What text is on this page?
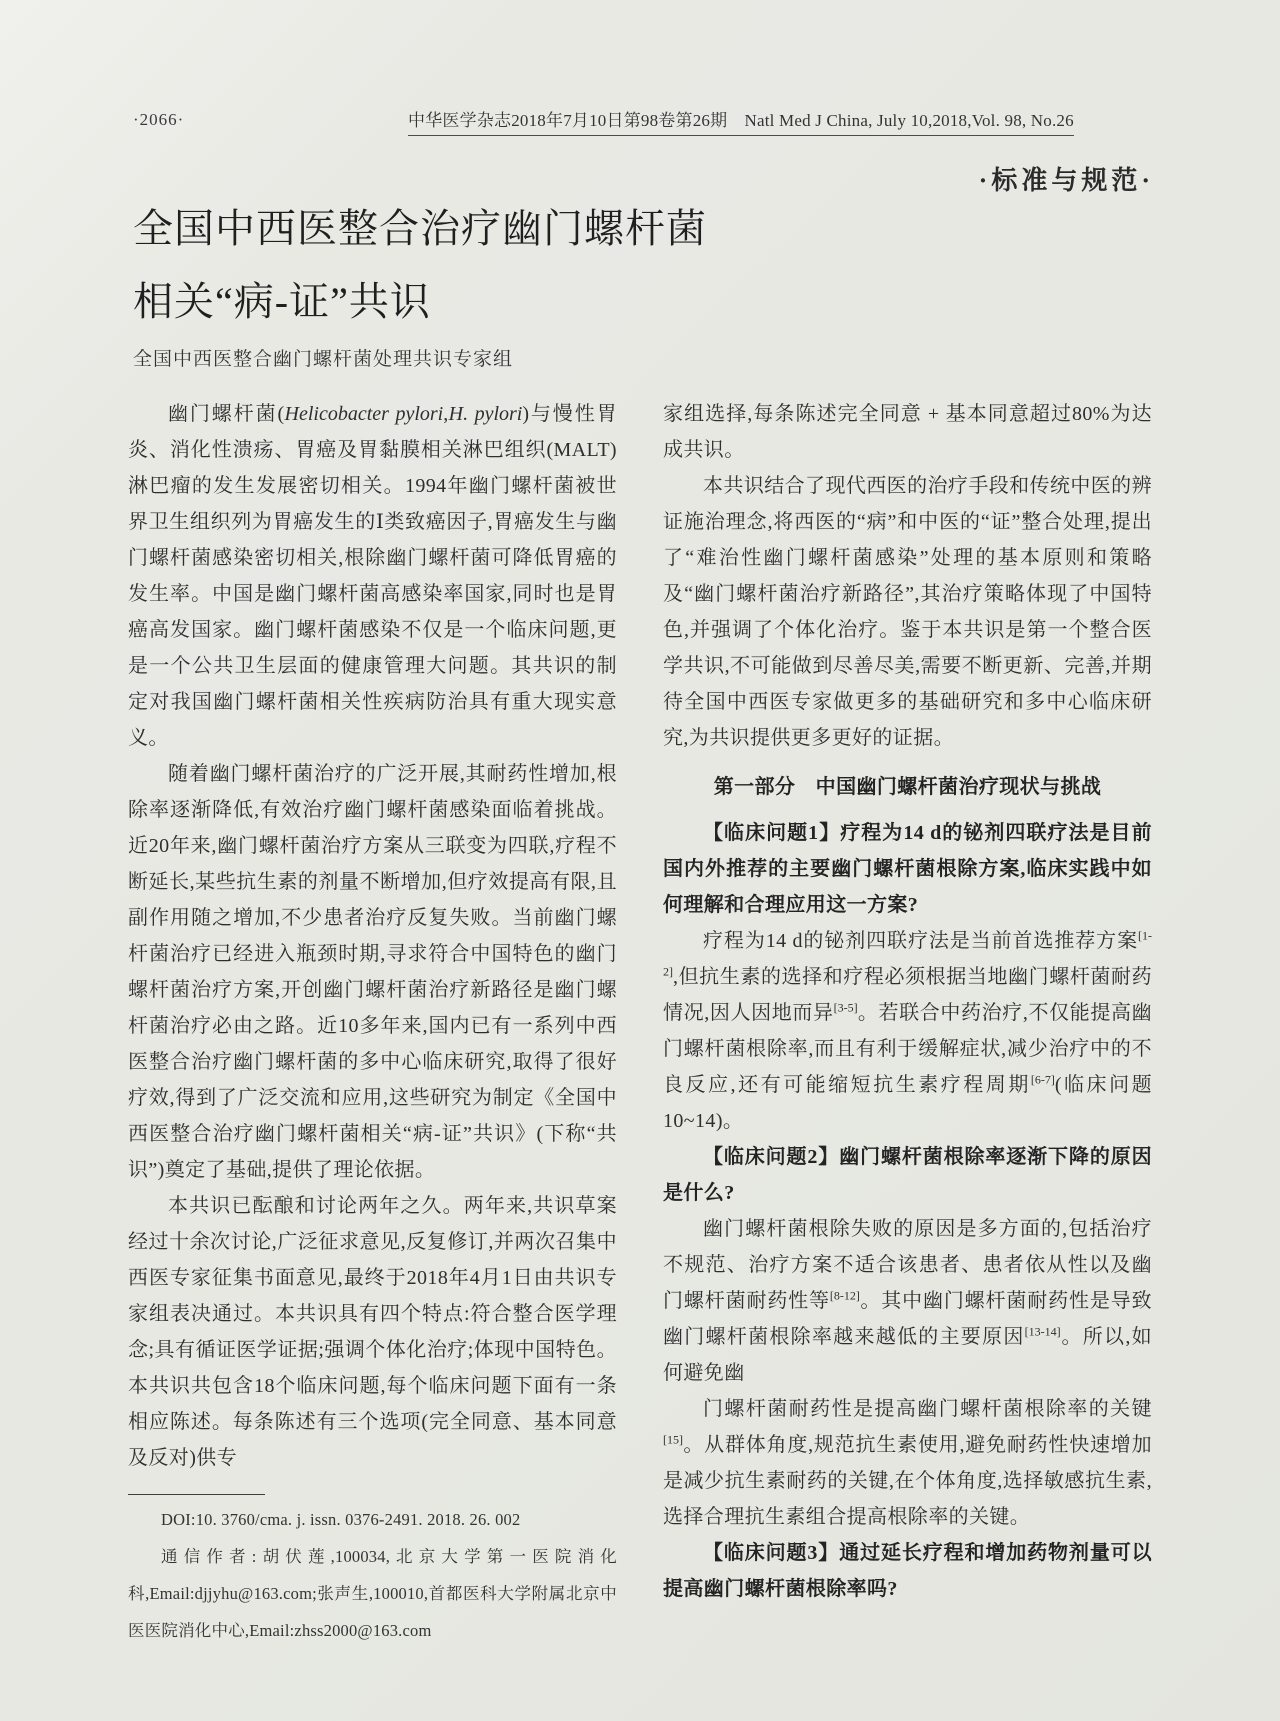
·2066·	中华医学杂志2018年7月10日第98卷第26期　Natl Med J China, July 10,2018,Vol. 98, No.26
·标准与规范·
全国中西医整合治疗幽门螺杆菌
相关“病-证”共识
全国中西医整合幽门螺杆菌处理共识专家组

幽门螺杆菌(Helicobacter pylori,H. pylori)与慢性胃炎、消化性溃疡、胃癌及胃黏膜相关淋巴组织(MALT)淋巴瘤的发生发展密切相关。1994年幽门螺杆菌被世界卫生组织列为胃癌发生的Ⅰ类致癌因子,胃癌发生与幽门螺杆菌感染密切相关,根除幽门螺杆菌可降低胃癌的发生率。中国是幽门螺杆菌高感染率国家,同时也是胃癌高发国家。幽门螺杆菌感染不仅是一个临床问题,更是一个公共卫生层面的健康管理大问题。其共识的制定对我国幽门螺杆菌相关性疾病防治具有重大现实意义。

随着幽门螺杆菌治疗的广泛开展,其耐药性增加,根除率逐渐降低,有效治疗幽门螺杆菌感染面临着挑战。近20年来,幽门螺杆菌治疗方案从三联变为四联,疗程不断延长,某些抗生素的剂量不断增加,但疗效提高有限,且副作用随之增加,不少患者治疗反复失败。当前幽门螺杆菌治疗已经进入瓶颈时期,寻求符合中国特色的幽门螺杆菌治疗方案,开创幽门螺杆菌治疗新路径是幽门螺杆菌治疗必由之路。近10多年来,国内已有一系列中西医整合治疗幽门螺杆菌的多中心临床研究,取得了很好疗效,得到了广泛交流和应用,这些研究为制定《全国中西医整合治疗幽门螺杆菌相关“病-证”共识》(下称“共识”)奠定了基础,提供了理论依据。

本共识已酝酿和讨论两年之久。两年来,共识草案经过十余次讨论,广泛征求意见,反复修订,并两次召集中西医专家征集书面意见,最终于2018年4月1日由共识专家组表决通过。本共识具有四个特点:符合整合医学理念;具有循证医学证据;强调个体化治疗;体现中国特色。本共识共包含18个临床问题,每个临床问题下面有一条相应陈述。每条陈述有三个选项(完全同意、基本同意及反对)供专

DOI:10. 3760/cma. j. issn. 0376-2491. 2018. 26. 002

通信作者:胡伏莲,100034,北京大学第一医院消化科,Email:djjyhu@163.com;张声生,100010,首都医科大学附属北京中医医院消化中心,Email:zhss2000@163.com

家组选择,每条陈述完全同意 + 基本同意超过80%为达成共识。

本共识结合了现代西医的治疗手段和传统中医的辨证施治理念,将西医的“病”和中医的“证”整合处理,提出了“难治性幽门螺杆菌感染”处理的基本原则和策略及“幽门螺杆菌治疗新路径”,其治疗策略体现了中国特色,并强调了个体化治疗。鉴于本共识是第一个整合医学共识,不可能做到尽善尽美,需要不断更新、完善,并期待全国中西医专家做更多的基础研究和多中心临床研究,为共识提供更多更好的证据。

第一部分　中国幽门螺杆菌治疗现状与挑战

【临床问题1】疗程为14 d的铋剂四联疗法是目前国内外推荐的主要幽门螺杆菌根除方案,临床实践中如何理解和合理应用这一方案?

疗程为14 d的铋剂四联疗法是当前首选推荐方案[1-2],但抗生素的选择和疗程必须根据当地幽门螺杆菌耐药情况,因人因地而异[3-5]。若联合中药治疗,不仅能提高幽门螺杆菌根除率,而且有利于缓解症状,减少治疗中的不良反应,还有可能缩短抗生素疗程周期[6-7](临床问题10~14)。

【临床问题2】幽门螺杆菌根除率逐渐下降的原因是什么?

幽门螺杆菌根除失败的原因是多方面的,包括治疗不规范、治疗方案不适合该患者、患者依从性以及幽门螺杆菌耐药性等[8-12]。其中幽门螺杆菌耐药性是导致幽门螺杆菌根除率越来越低的主要原因[13-14]。所以,如何避免幽

门螺杆菌耐药性是提高幽门螺杆菌根除率的关键[15]。从群体角度,规范抗生素使用,避免耐药性快速增加是减少抗生素耐药的关键,在个体角度,选择敏感抗生素,选择合理抗生素组合提高根除率的关键。

【临床问题3】通过延长疗程和增加药物剂量可以提高幽门螺杆菌根除率吗?
